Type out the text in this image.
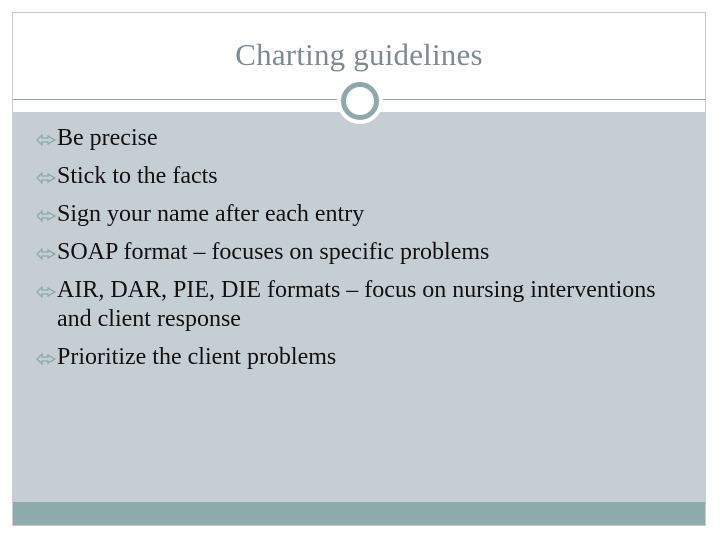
Charting guidelines
Be precise
Stick to the facts
Sign your name after each entry
SOAP format – focuses on specific problems
AIR, DAR, PIE, DIE formats – focus on nursing interventions and client response
Prioritize the client problems
